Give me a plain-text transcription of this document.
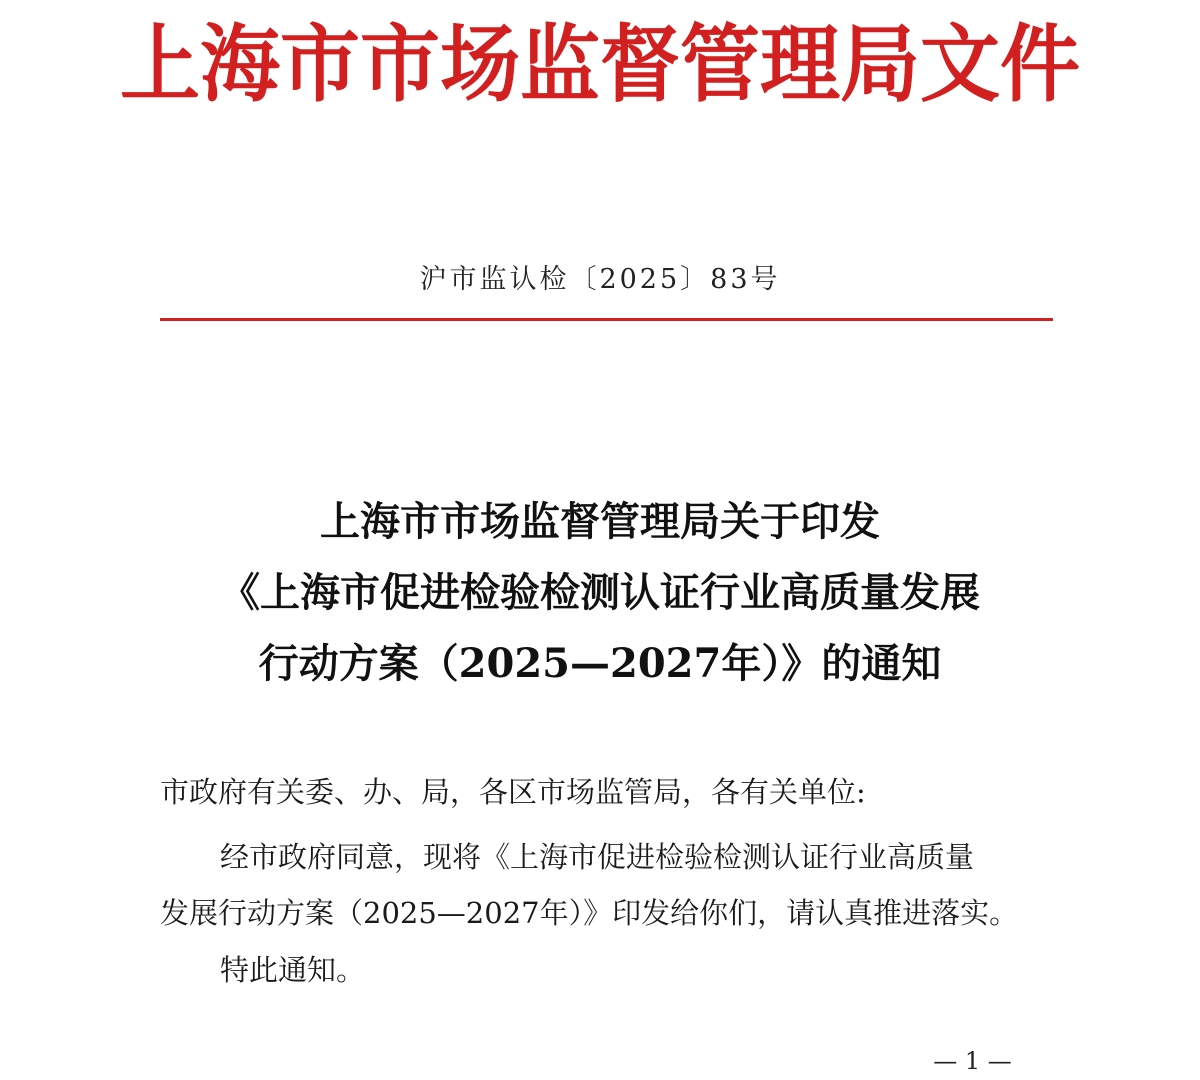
上海市市场监督管理局文件
沪市监认检〔2025〕83号
上海市市场监督管理局关于印发
《上海市促进检验检测认证行业高质量发展
行动方案（2025—2027年）》的通知
市政府有关委、办、局，各区市场监管局，各有关单位:
经市政府同意，现将《上海市促进检验检测认证行业高质量
发展行动方案（2025—2027年）》印发给你们，请认真推进落实。
特此通知。
— 1 —
